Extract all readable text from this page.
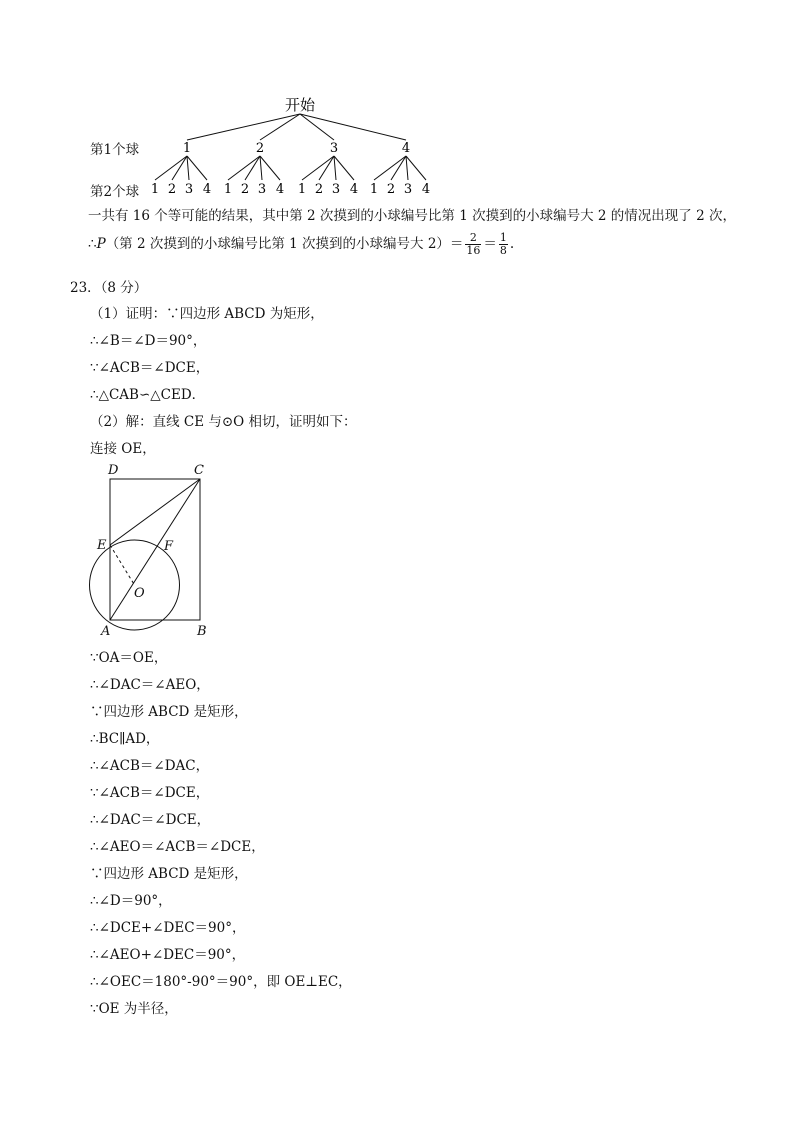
开始
1	2	3	4
1 2 3 4 1 2 3 4 1 2 3 4 1 2 3 4
D	C
E	F
O
A	B
第1个球
第2个球
一共有 16 个等可能的结果，其中第 2 次摸到的小球编号比第 1 次摸到的小球编号大 2 的情况出现了 2 次，
∴P（第 2 次摸到的小球编号比第 1 次摸到的小球编号大 $2)= \frac{2}{16} = \frac{1}{8}$ .
23．（8 分）
（1）证明：∵四边形 ABCD 为矩形，
∴∠B＝∠D＝90°，
∵∠ACB＝∠DCE，
∴△CAB∽△CED．
（2）解：直线 CE 与⊙O 相切，证明如下：
连接 OE，
∵OA＝OE，
∴∠DAC＝∠AEO，
∵四边形 ABCD 是矩形，
∴BC∥AD，
∴∠ACB＝∠DAC，
∵∠ACB＝∠DCE，
∴∠DAC＝∠DCE，
∴∠AEO＝∠ACB＝∠DCE，
∵四边形 ABCD 是矩形，
∴∠D＝90°，
∴∠DCE+∠DEC＝90°，
∴∠AEO+∠DEC＝90°，
∴∠OEC＝180°-90°＝90°，即 OE⊥EC，
∵OE 为半径，
